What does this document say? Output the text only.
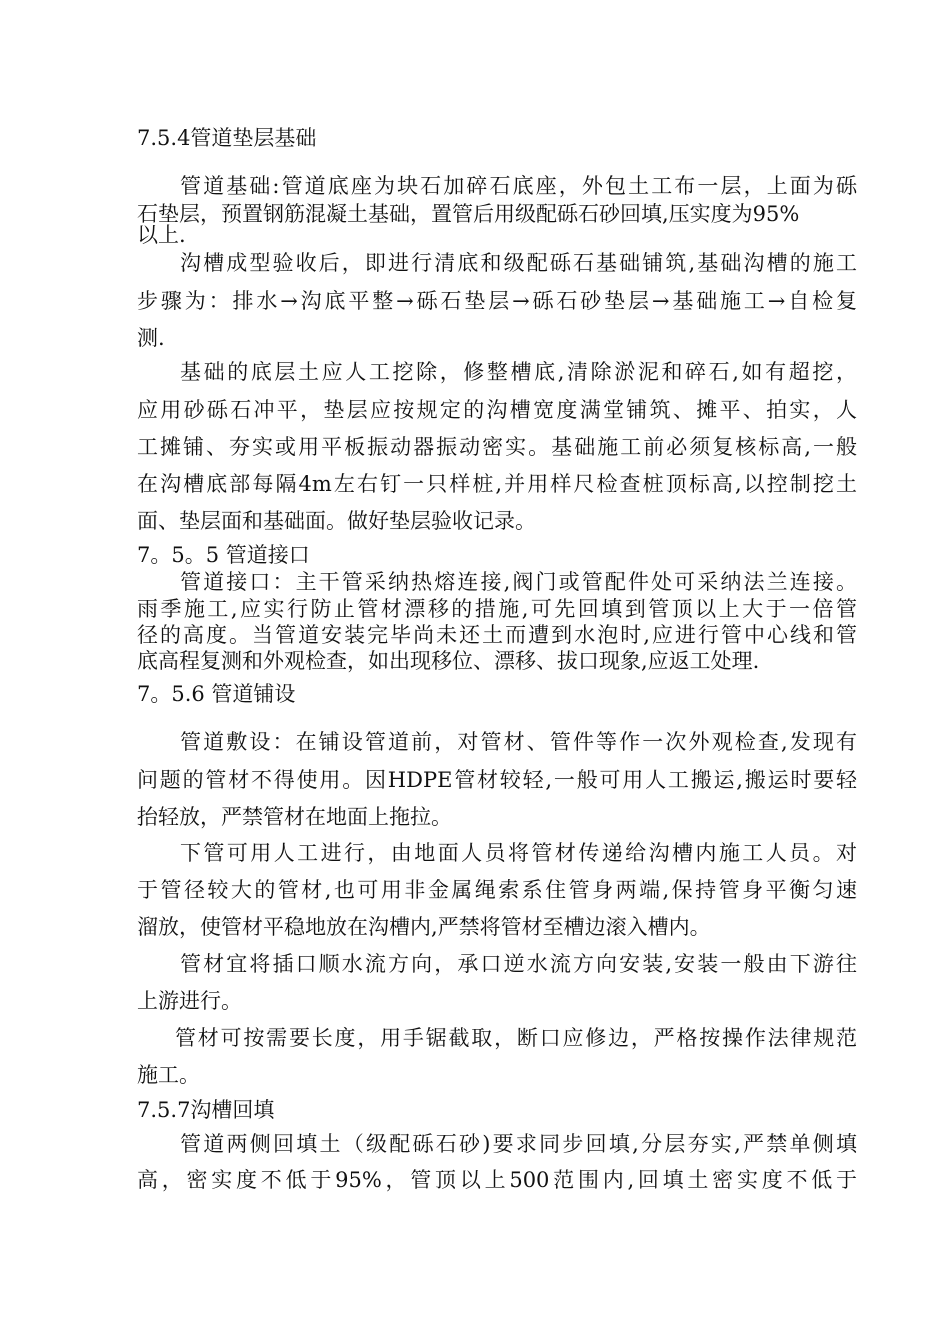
7.5.4管道垫层基础
管道基础:管道底座为块石加碎石底座，外包土工布一层，上面为砾
石垫层，预置钢筋混凝土基础，置管后用级配砾石砂回填,压实度为95%
以上.
沟槽成型验收后，即进行清底和级配砾石基础铺筑,基础沟槽的施工
步骤为：排水→沟底平整→砾石垫层→砾石砂垫层→基础施工→自检复
测.
基础的底层土应人工挖除，修整槽底,清除淤泥和碎石,如有超挖，
应用砂砾石冲平，垫层应按规定的沟槽宽度满堂铺筑、摊平、拍实，人
工摊铺、夯实或用平板振动器振动密实。基础施工前必须复核标高,一般
在沟槽底部每隔4m左右钉一只样桩,并用样尺检查桩顶标高,以控制挖土
面、垫层面和基础面。做好垫层验收记录。
7。5。5 管道接口
管道接口：主干管采纳热熔连接,阀门或管配件处可采纳法兰连接。
雨季施工,应实行防止管材漂移的措施,可先回填到管顶以上大于一倍管
径的高度。当管道安装完毕尚未还土而遭到水泡时,应进行管中心线和管
底高程复测和外观检查，如出现移位、漂移、拔口现象,应返工处理.
7。5.6 管道铺设
管道敷设：在铺设管道前，对管材、管件等作一次外观检查,发现有
问题的管材不得使用。因HDPE管材较轻,一般可用人工搬运,搬运时要轻
抬轻放，严禁管材在地面上拖拉。
下管可用人工进行，由地面人员将管材传递给沟槽内施工人员。对
于管径较大的管材,也可用非金属绳索系住管身两端,保持管身平衡匀速
溜放，使管材平稳地放在沟槽内,严禁将管材至槽边滚入槽内。
管材宜将插口顺水流方向，承口逆水流方向安装,安装一般由下游往
上游进行。
管材可按需要长度，用手锯截取，断口应修边，严格按操作法律规范
施工。
7.5.7沟槽回填
管道两侧回填土（级配砾石砂)要求同步回填,分层夯实,严禁单侧填
高，密实度不低于95%，管顶以上500范围内,回填土密实度不低于
